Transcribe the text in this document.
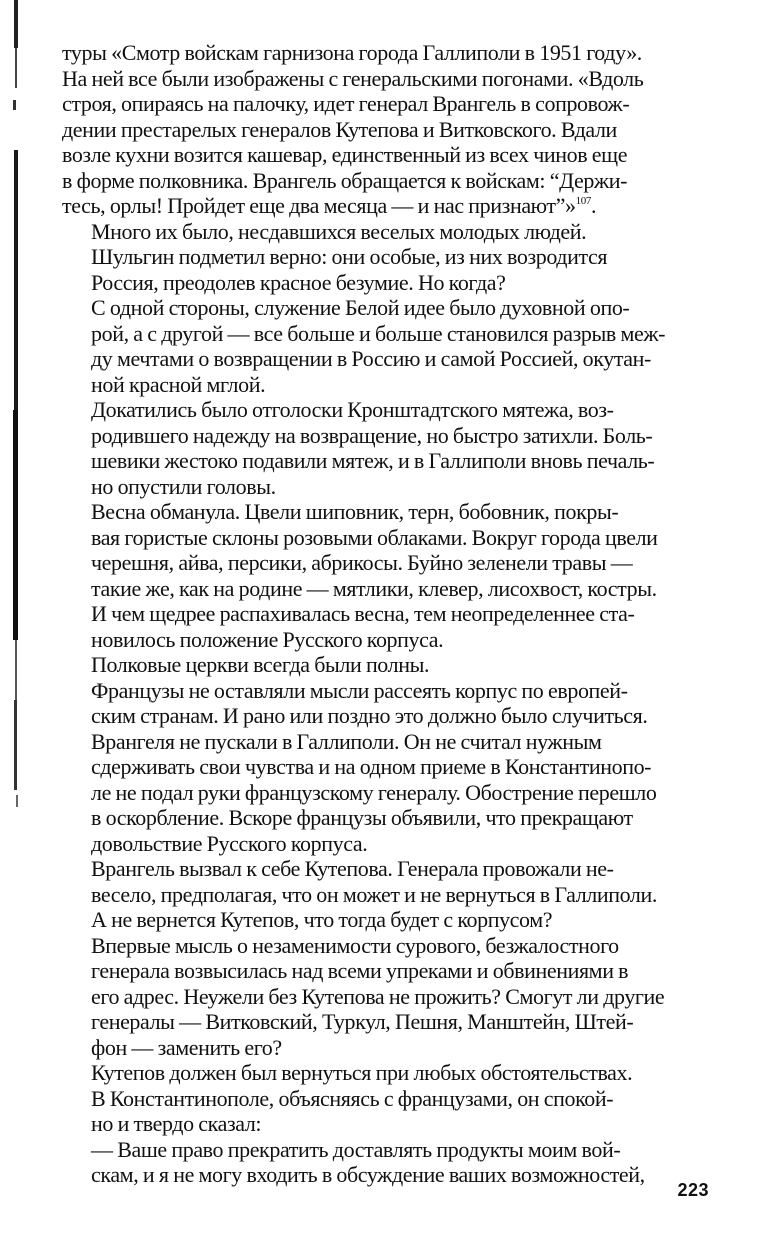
туры «Смотр войскам гарнизона города Галлиполи в 1951 году».
На ней все были изображены с генеральскими погонами. «Вдоль
строя, опираясь на палочку, идет генерал Врангель в сопровож-
дении престарелых генералов Кутепова и Витковского. Вдали
возле кухни возится кашевар, единственный из всех чинов еще
в форме полковника. Врангель обращается к войскам: “Держи-
тесь, орлы! Пройдет еще два месяца — и нас признают”»$^{107}$.

Много их было, несдавшихся веселых молодых людей.

Шульгин подметил верно: они особые, из них возродится
Россия, преодолев красное безумие. Но когда?

С одной стороны, служение Белой идее было духовной опо-
рой, а с другой — все больше и больше становился разрыв меж-
ду мечтами о возвращении в Россию и самой Россией, окутан-
ной красной мглой.

Докатились было отголоски Кронштадтского мятежа, воз-
родившего надежду на возвращение, но быстро затихли. Боль-
шевики жестоко подавили мятеж, и в Галлиполи вновь печаль-
но опустили головы.

Весна обманула. Цвели шиповник, терн, бобовник, покры-
вая гористые склоны розовыми облаками. Вокруг города цвели
черешня, айва, персики, абрикосы. Буйно зеленели травы —
такие же, как на родине — мятлики, клевер, лисохвост, костры.

И чем щедрее распахивалась весна, тем неопределеннее ста-
новилось положение Русского корпуса.

Полковые церкви всегда были полны.

Французы не оставляли мысли рассеять корпус по европей-
ским странам. И рано или поздно это должно было случиться.

Врангеля не пускали в Галлиполи. Он не считал нужным
сдерживать свои чувства и на одном приеме в Константинопо-
ле не подал руки французскому генералу. Обострение перешло
в оскорбление. Вскоре французы объявили, что прекращают
довольствие Русского корпуса.

Врангель вызвал к себе Кутепова. Генерала провожали не-
весело, предполагая, что он может и не вернуться в Галлиполи.
А не вернется Кутепов, что тогда будет с корпусом?

Впервые мысль о незаменимости сурового, безжалостного
генерала возвысилась над всеми упреками и обвинениями в
его адрес. Неужели без Кутепова не прожить? Смогут ли другие
генералы — Витковский, Туркул, Пешня, Манштейн, Штей-
фон — заменить его?

Кутепов должен был вернуться при любых обстоятельствах.

В Константинополе, объясняясь с французами, он спокой-
но и твердо сказал:

— Ваше право прекратить доставлять продукты моим вой-
скам, и я не могу входить в обсуждение ваших возможностей,

223
